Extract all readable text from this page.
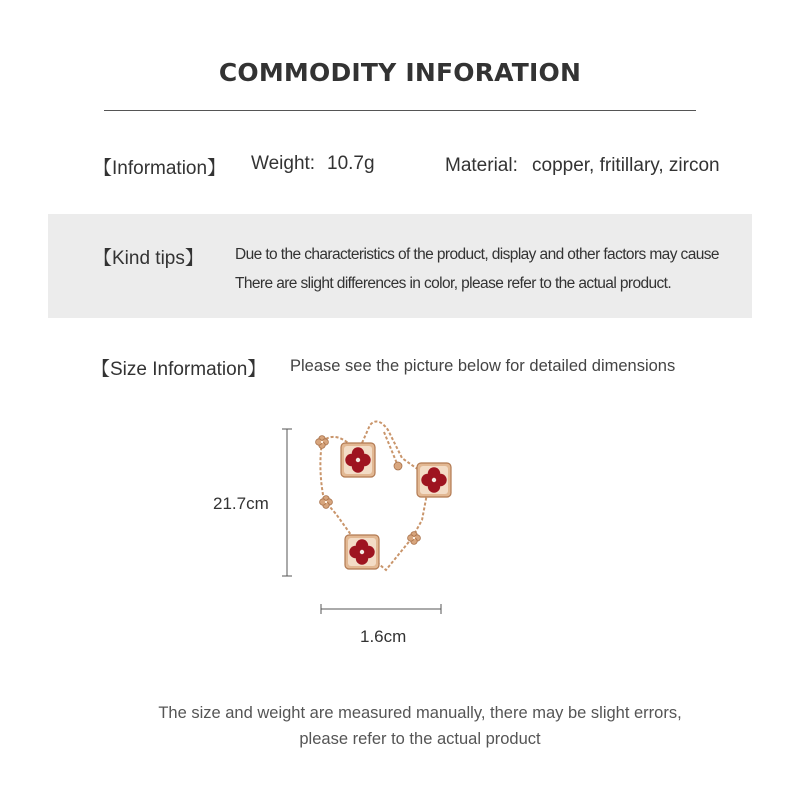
COMMODITY INFORATION
【Information】 Weight: 10.7g	Material: copper, fritillary, zircon
【Kind tips】 Due to the characteristics of the product, display and other factors may cause
There are slight differences in color, please refer to the actual product.
【Size Information】 Please see the picture below for detailed dimensions
21.7cm
1.6cm
The size and weight are measured manually, there may be slight errors,
please refer to the actual product
